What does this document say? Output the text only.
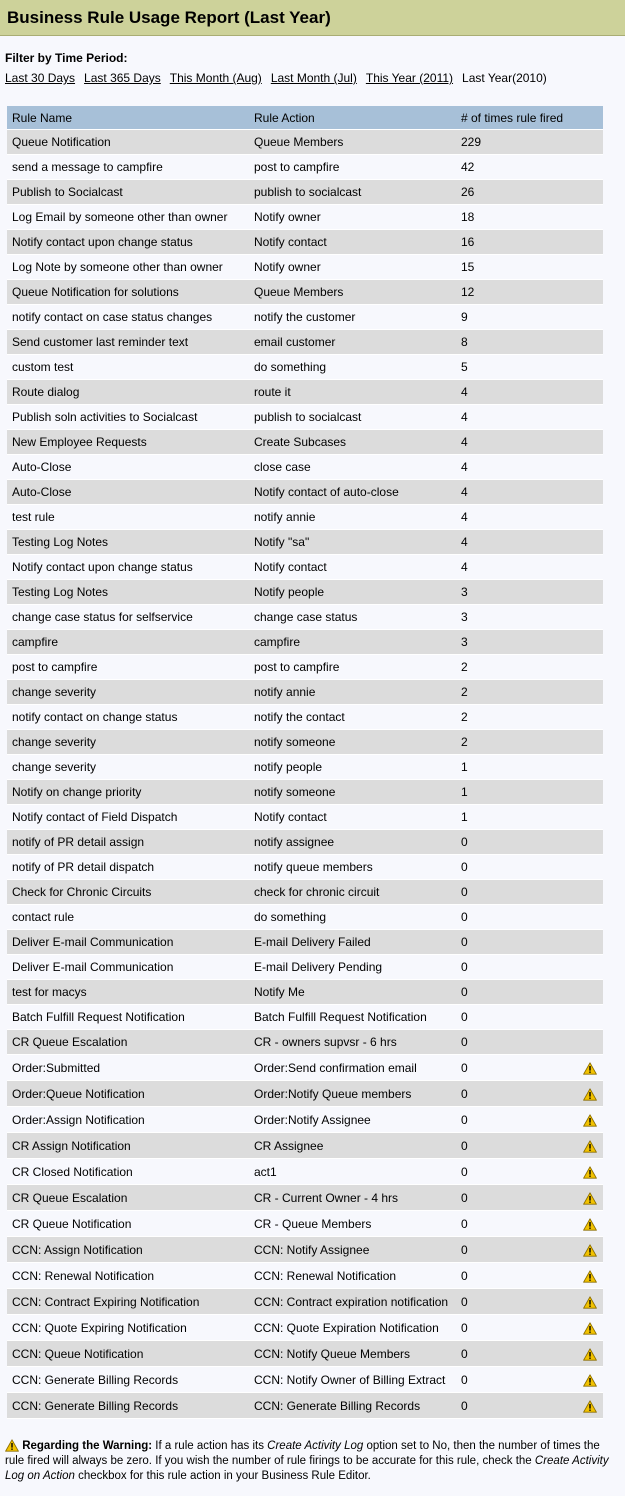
Business Rule Usage Report (Last Year)
Filter by Time Period:
Last 30 Days Last 365 Days This Month (Aug) Last Month (Jul) This Year (2011) Last Year(2010)
Rule Name	Rule Action	# of times rule fired	
Queue Notification	Queue Members	229	
send a message to campfire	post to campfire	42	
Publish to Socialcast	publish to socialcast	26	
Log Email by someone other than owner	Notify owner	18	
Notify contact upon change status	Notify contact	16	
Log Note by someone other than owner	Notify owner	15	
Queue Notification for solutions	Queue Members	12	
notify contact on case status changes	notify the customer	9	
Send customer last reminder text	email customer	8	
custom test	do something	5	
Route dialog	route it	4	
Publish soln activities to Socialcast	publish to socialcast	4	
New Employee Requests	Create Subcases	4	
Auto-Close	close case	4	
Auto-Close	Notify contact of auto-close	4	
test rule	notify annie	4	
Testing Log Notes	Notify "sa"	4	
Notify contact upon change status	Notify contact	4	
Testing Log Notes	Notify people	3	
change case status for selfservice	change case status	3	
campfire	campfire	3	
post to campfire	post to campfire	2	
change severity	notify annie	2	
notify contact on change status	notify the contact	2	
change severity	notify someone	2	
change severity	notify people	1	
Notify on change priority	notify someone	1	
Notify contact of Field Dispatch	Notify contact	1	
notify of PR detail assign	notify assignee	0	
notify of PR detail dispatch	notify queue members	0	
Check for Chronic Circuits	check for chronic circuit	0	
contact rule	do something	0	
Deliver E-mail Communication	E-mail Delivery Failed	0	
Deliver E-mail Communication	E-mail Delivery Pending	0	
test for macys	Notify Me	0	
Batch Fulfill Request Notification	Batch Fulfill Request Notification	0	
CR Queue Escalation	CR - owners supvsr - 6 hrs	0	
Order:Submitted	Order:Send confirmation email	0	
Order:Queue Notification	Order:Notify Queue members	0	
Order:Assign Notification	Order:Notify Assignee	0	
CR Assign Notification	CR Assignee	0	
CR Closed Notification	act1	0	
CR Queue Escalation	CR - Current Owner - 4 hrs	0	
CR Queue Notification	CR - Queue Members	0	
CCN: Assign Notification	CCN: Notify Assignee	0	
CCN: Renewal Notification	CCN: Renewal Notification	0	
CCN: Contract Expiring Notification	CCN: Contract expiration notification	0	
CCN: Quote Expiring Notification	CCN: Quote Expiration Notification	0	
CCN: Queue Notification	CCN: Notify Queue Members	0	
CCN: Generate Billing Records	CCN: Notify Owner of Billing Extract	0	
CCN: Generate Billing Records	CCN: Generate Billing Records	0	
Regarding the Warning: If a rule action has its Create Activity Log option set to No, then the number of times the rule fired will always be zero. If you wish the number of rule firings to be accurate for this rule, check the Create Activity Log on Action checkbox for this rule action in your Business Rule Editor.
